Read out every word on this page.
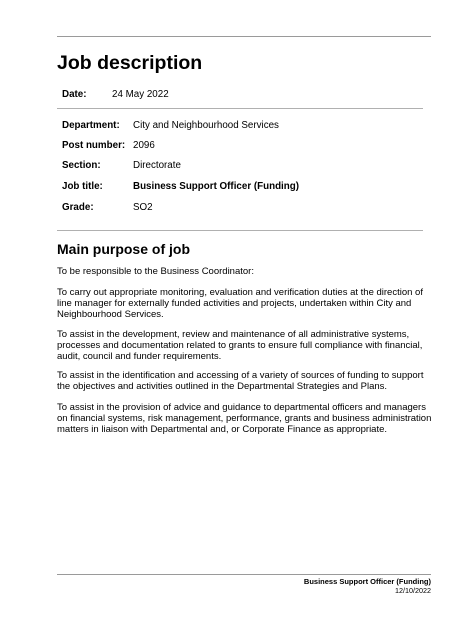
Job description
Date:	24 May 2022
Department: City and Neighbourhood Services
Post number: 2096
Section:	Directorate
Job title:	Business Support Officer (Funding)
Grade:	SO2
Main purpose of job
To be responsible to the Business Coordinator:
To carry out appropriate monitoring, evaluation and verification duties at the direction of line manager for externally funded activities and projects, undertaken within City and Neighbourhood Services.
To assist in the development, review and maintenance of all administrative systems, processes and documentation related to grants to ensure full compliance with financial, audit, council and funder requirements.
To assist in the identification and accessing of a variety of sources of funding to support the objectives and activities outlined in the Departmental Strategies and Plans.
To assist in the provision of advice and guidance to departmental officers and managers on financial systems, risk management, performance, grants and business administration matters in liaison with Departmental and, or Corporate Finance as appropriate.
Business Support Officer (Funding)
12/10/2022
